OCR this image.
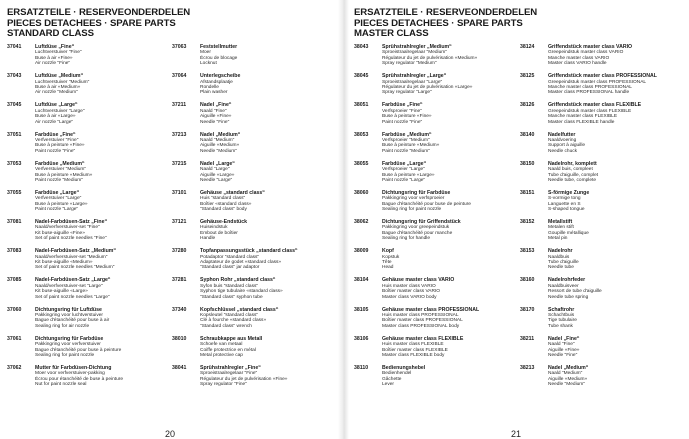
ERSATZTEILE · RESERVEONDERDELEN
PIECES DETACHEES · SPARE PARTS
STANDARD CLASS
37041	Luftdüse „Fine“
Luchtverstuiver "Fine"
Buse à air «Fine»
Air nozzle "Fine"
37043	Luftdüse „Medium“
Luchtverstuiver "Medium"
Buse à air «Medium»
Air nozzle "Medium"
37045	Luftdüse „Large“
Luchtverstuiver "Large"
Buse à air «Large»
Air nozzle "Large"
37051	Farbdüse „Fine“
Verfverstuiver "Fine"
Buse à peinture «Fine»
Paint nozzle "Fine"
37053	Farbdüse „Medium“
Verfverstuiver "Medium"
Buse à peinture «Medium»
Paint nozzle "Medium"
37055	Farbdüse „Large“
Verfverstuiver "Large"
Buse à peinture «Large»
Paint nozzle "Large"
37081	Nadel-Farbdüsen-Satz „Fine“
Naald/verfverstuiver-set "Fine"
Kit buse-aiguille «Fine»
Set of paint nozzle needles "Fine"
37083	Nadel-Farbdüsen-Satz „Medium“
Naald/verfverstuiver-set "Medium"
Kit buse-aiguille «Medium»
Set of paint nozzle needles "Medium"
37085	Nadel-Farbdüsen-Satz „Large“
Naald/verfverstuiver-set "Large"
Kit buse-aiguille «Large»
Set of paint nozzle needles "Large"
37060	Dichtungsring für Luftdüse
Pakkingring voor luchtverstuiver
Bague d'étanchéité pour buse à air
Sealing ring for air nozzle
37061	Dichtungsring für Farbdüse
Pakkingring voor verfverstuiver
Bague d'étanchéité pour buse à peinture
Sealing ring for paint nozzle
37062	Mutter für Farbdüsen-Dichtung
Moer voor verfverstuiver-pakking
Écrou pour étanchéité de buse à peinture
Nut for paint nozzle seal
37063	Feststellmutter
Moer
Écrou de blocage
Locknut
37064	Unterlegscheibe
Afstandsplaatje
Rondelle
Plain washer
37211	Nadel „Fine“
Naald "Fine"
Aiguille «Fine»
Needle "Fine"
37213	Nadel „Medium“
Naald "Medium"
Aiguille «Medium»
Needle "Medium"
37215	Nadel „Large“
Naald "Large"
Aiguille «Large»
Needle "Large"
37101	Gehäuse „standard class“
Huis "standard class"
Boîtier «standard class»
"Standard class" body
37121	Gehäuse-Endstück
Huiseindstuk
Embout de boîtier
Handle
37280	Topfanpassungsstück „standard class“
Potadaptor "standard class"
Adaptateur de godet «standard class»
"Standard class" jar adaptor
37281	Syphon Rohr „standard class“
Syfon buis "standard class"
Syphon tige tubulaire «standard class»
"Standard class" syphon tube
37340	Kopfschlüssel „standard class“
Kopsleutel "standard class"
Clé à fourche «standard class»
"Standard class" wrench
38010	Schraubkappe aus Metall
Schoefe van metaal
Coiffe protectrice en métal
Metal protective cap
38041	Sprühstrahlregler „Fine“
Sproeistraalregelaar "Fine"
Régulateur du jet de pulvérisation «Fine»
Spray regulator "Fine"
20
ERSATZTEILE · RESERVEONDERDELEN
PIECES DETACHEES · SPARE PARTS
MASTER CLASS
38043	Sprühstrahlregler „Medium“
Sproeistraalregelaar "Medium"
Régulateur du jet de pulvérisation «Medium»
Spray regulator "Medium"
38045	Sprühstrahlregler „Large“
Sproeistraalregelaar "Large"
Régulateur du jet de pulvérisation «Large»
Spray regulator "Large"
38051	Farbdüse „Fine“
Verfsproeier "Fine"
Buse à peinture «Fine»
Paint nozzle "Fine"
38053	Farbdüse „Medium“
Verfsproeier "Medium"
Buse à peinture «Medium»
Paint nozzle "Medium"
38055	Farbdüse „Large“
Verfsproeier "Large"
Buse à peinture «Large»
Paint nozzle "Large"
38060	Dichtungsring für Farbdüse
Pakkingring voor verfsproeier
Bague d'étanchéité pour buse de peinture
Sealing ring for paint nozzle
38062	Dichtungsring für Griffendstück
Pakkingring voor greepeindstuk
Bague d'étanchéité pour manche
Sealing ring for handle
38009	Kopf
Kopstuk
Tête
Head
38104	Gehäuse master class VARIO
Huis master class VARIO
Boîtier master class VARIO
Master class VARIO body
38105	Gehäuse master class PROFESSIONAL
Huis master class PROFESSIONAL
Boîtier master class PROFESSIONAL
Master class PROFESSIONAL body
38106	Gehäuse master class FLEXIBLE
Huis master class FLEXIBLE
Boîtier master class FLEXIBLE
Master class FLEXIBLE body
38110	Bedienungshebel
Bedienhendel
Gâchette
Lever
38124	Griffendstück master class VARIO
Greepeindstuk master class VARIO
Manche master class VARIO
Master class VARIO handle
38125	Griffendstück master class PROFESSIONAL
Greepeindstuk master class PROFESSIONAL
Manche master class PROFESSIONAL
Master class PROFESSIONAL handle
38126	Griffendstück master class FLEXIBLE
Greepeindstuk master class FLEXIBLE
Manche master class FLEXIBLE
Master class FLEXIBLE handle
38140	Nadelfutter
Naaldvoering
Support à aiguille
Needle chuck
38150	Nadelrohr, komplett
Naald buis, compleet
Tube d'aiguille, complet
Needle tube, complete
38151	S-förmige Zunge
S-vormige tong
Languette en S
S-shaped tongue
38152	Metallstift
Metalen stift
Goupille métallique
Metal pin
38153	Nadelrohr
Naaldbuis
Tube d'aiguille
Needle tube
38160	Nadelrohrfeder
Naaldbuisveer
Ressort de tube d'aiguille
Needle tube spring
38170	Schaftrohr
Schachtbuis
Tige tubulaire
Tube shank
38211	Nadel „Fine“
Naald "Fine"
Aiguille «Fine»
Needle "Fine"
38213	Nadel „Medium“
Naald "Medium"
Aiguille «Medium»
Needle "Medium"
21
